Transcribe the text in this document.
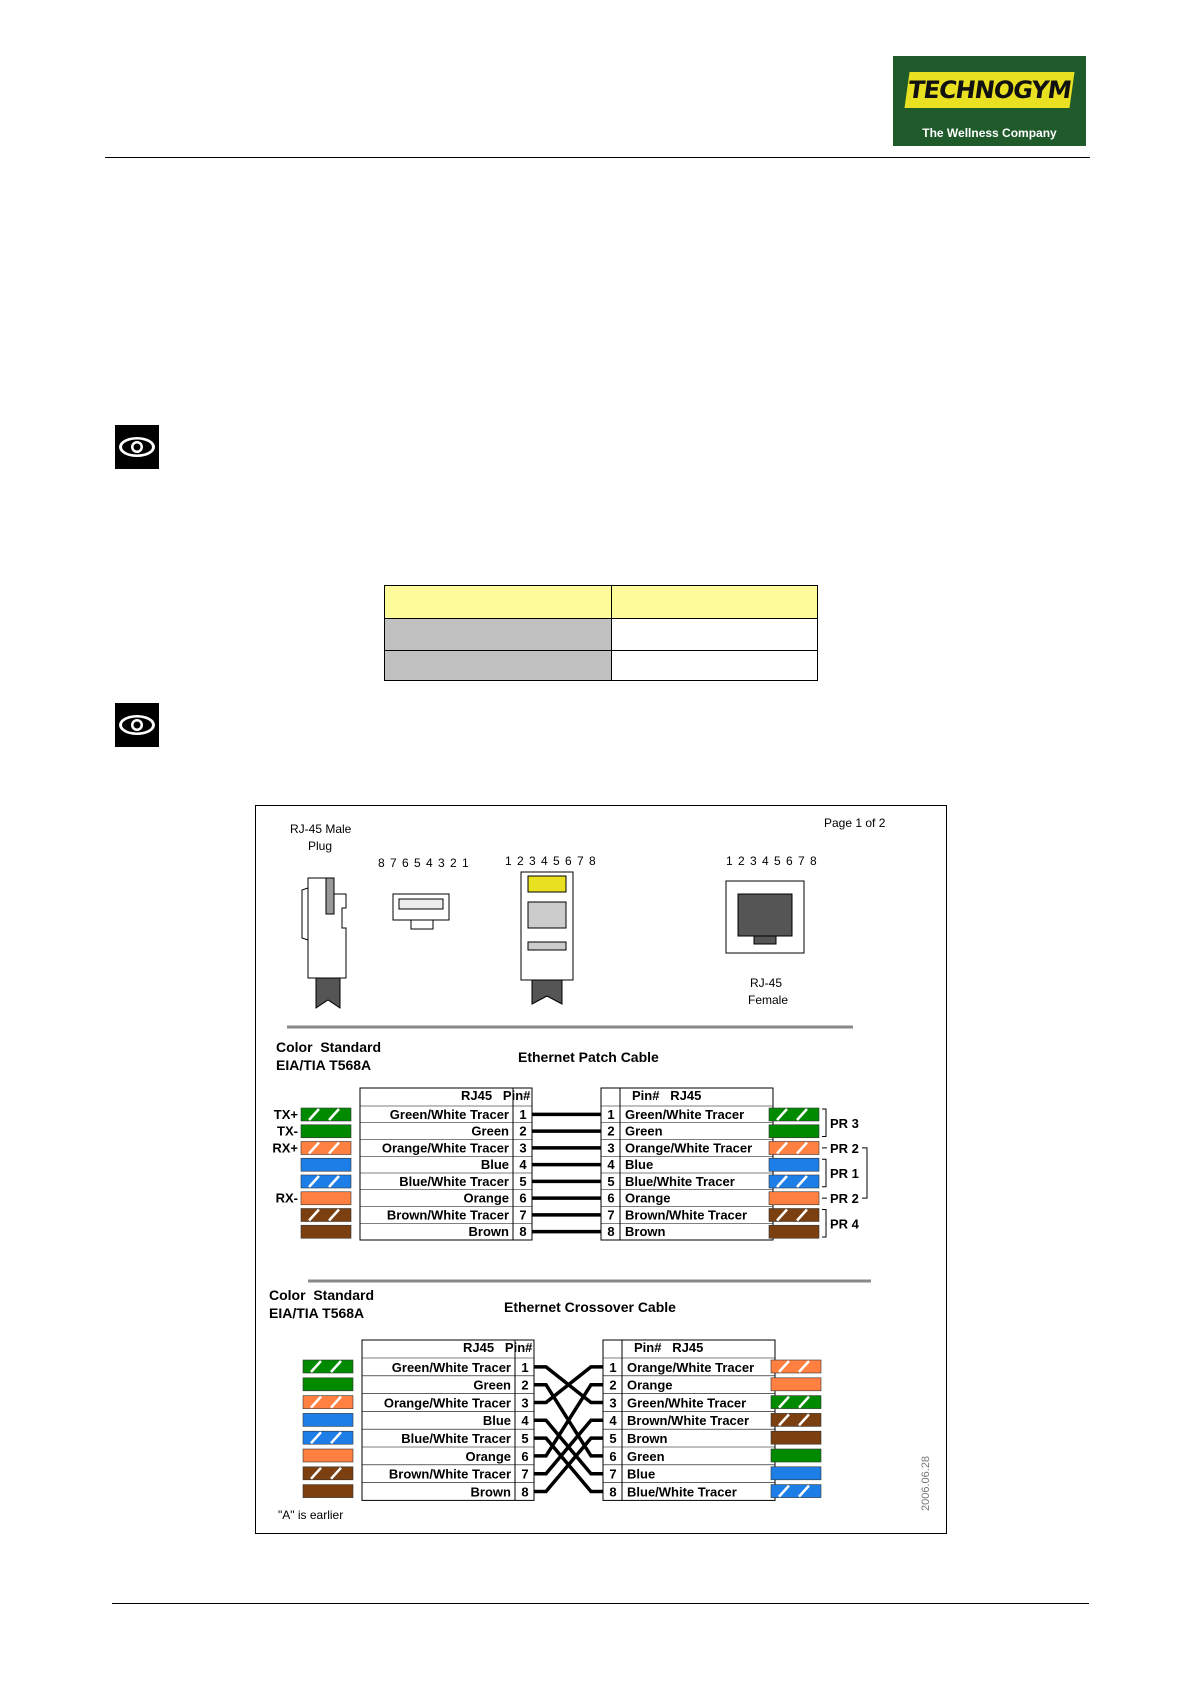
TECHNOGYM
The Wellness Company

Page 1 of 2
RJ-45 Male
Plug
8 7 6 5 4 3 2 1	1 2 3 4 5 6 7 8	1 2 3 4 5 6 7 8
RJ-45
Female
Color  Standard
EIA/TIA T568A	Ethernet Patch Cable
RJ45   Pin#	Pin#   RJ45
Green/White Tracer 1	1 Green/White Tracer
Green 2	2 Green
Orange/White Tracer 3	3 Orange/White Tracer
Blue 4	4 Blue
Blue/White Tracer 5	5 Blue/White Tracer
Orange 6	6 Orange
Brown/White Tracer 7	7 Brown/White Tracer
Brown 8	8 Brown
TX+
TX-
RX+
RX-
PR 3
PR 2
PR 1
PR 2
PR 4
Color  Standard
EIA/TIA T568A	Ethernet Crossover Cable
RJ45   Pin#	Pin#   RJ45
Green/White Tracer 1	1 Orange/White Tracer
Green 2	2 Orange
Orange/White Tracer 3	3 Green/White Tracer
Blue 4	4 Brown/White Tracer
Blue/White Tracer 5	5 Brown
Orange 6	6 Green
Brown/White Tracer 7	7 Blue
Brown 8	8 Blue/White Tracer
"A" is earlier
2006.06.28
